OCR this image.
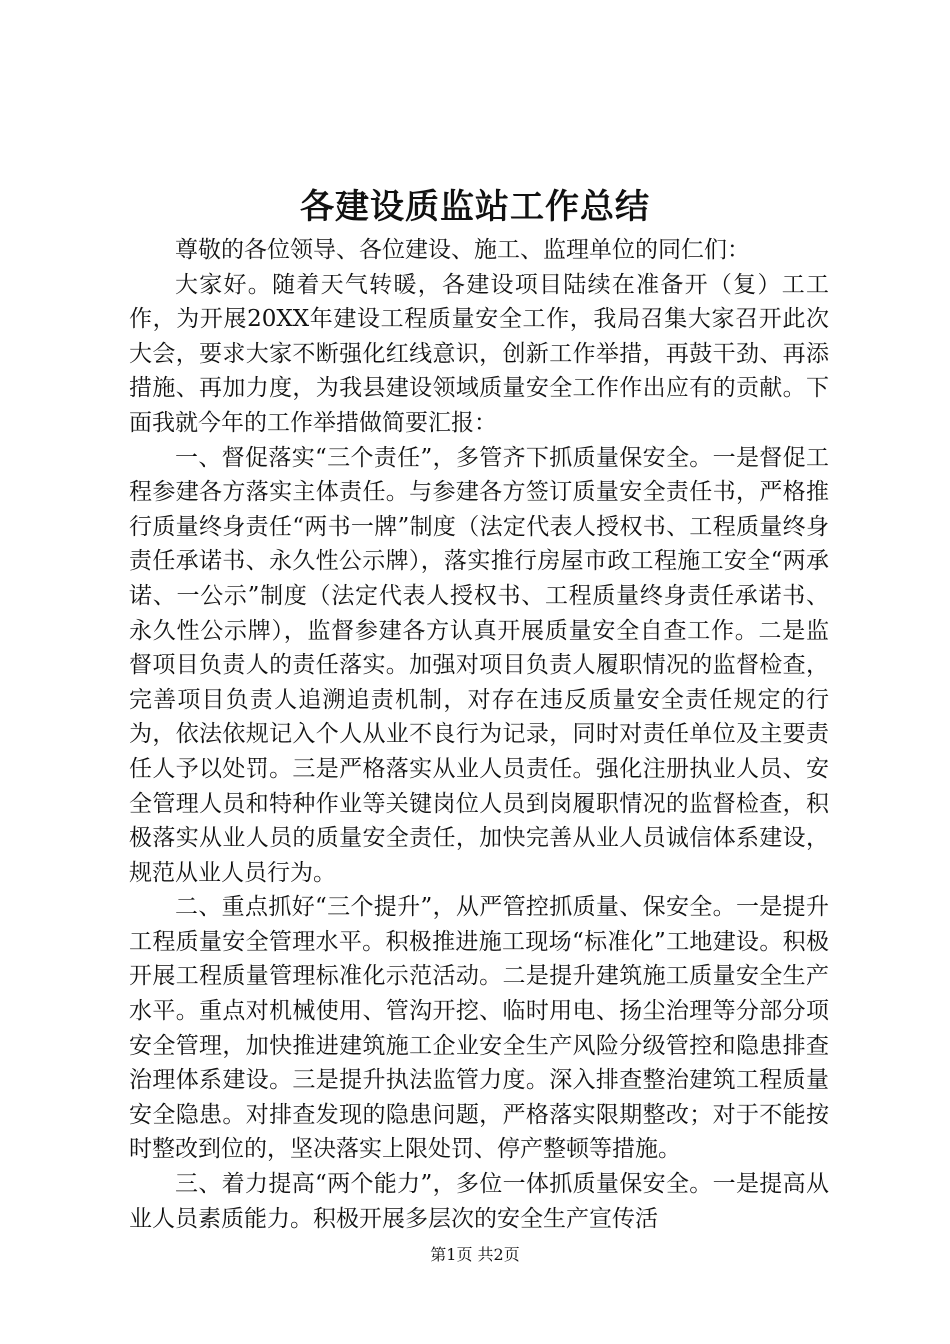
各建设质监站工作总结

尊敬的各位领导、各位建设、施工、监理单位的同仁们：

大家好。随着天气转暖，各建设项目陆续在准备开（复）工工作，为开展20XX年建设工程质量安全工作，我局召集大家召开此次大会，要求大家不断强化红线意识，创新工作举措，再鼓干劲、再添措施、再加力度，为我县建设领域质量安全工作作出应有的贡献。下面我就今年的工作举措做简要汇报：

一、督促落实“三个责任”，多管齐下抓质量保安全。一是督促工程参建各方落实主体责任。与参建各方签订质量安全责任书，严格推行质量终身责任“两书一牌”制度（法定代表人授权书、工程质量终身责任承诺书、永久性公示牌），落实推行房屋市政工程施工安全“两承诺、一公示”制度（法定代表人授权书、工程质量终身责任承诺书、永久性公示牌），监督参建各方认真开展质量安全自查工作。二是监督项目负责人的责任落实。加强对项目负责人履职情况的监督检查，完善项目负责人追溯追责机制，对存在违反质量安全责任规定的行为，依法依规记入个人从业不良行为记录，同时对责任单位及主要责任人予以处罚。三是严格落实从业人员责任。强化注册执业人员、安全管理人员和特种作业等关键岗位人员到岗履职情况的监督检查，积极落实从业人员的质量安全责任，加快完善从业人员诚信体系建设，规范从业人员行为。

二、重点抓好“三个提升”，从严管控抓质量、保安全。一是提升工程质量安全管理水平。积极推进施工现场“标准化”工地建设。积极开展工程质量管理标准化示范活动。二是提升建筑施工质量安全生产水平。重点对机械使用、管沟开挖、临时用电、扬尘治理等分部分项安全管理，加快推进建筑施工企业安全生产风险分级管控和隐患排查治理体系建设。三是提升执法监管力度。深入排查整治建筑工程质量安全隐患。对排查发现的隐患问题，严格落实限期整改；对于不能按时整改到位的，坚决落实上限处罚、停产整顿等措施。

三、着力提高“两个能力”，多位一体抓质量保安全。一是提高从业人员素质能力。积极开展多层次的安全生产宣传活

第1页 共2页
